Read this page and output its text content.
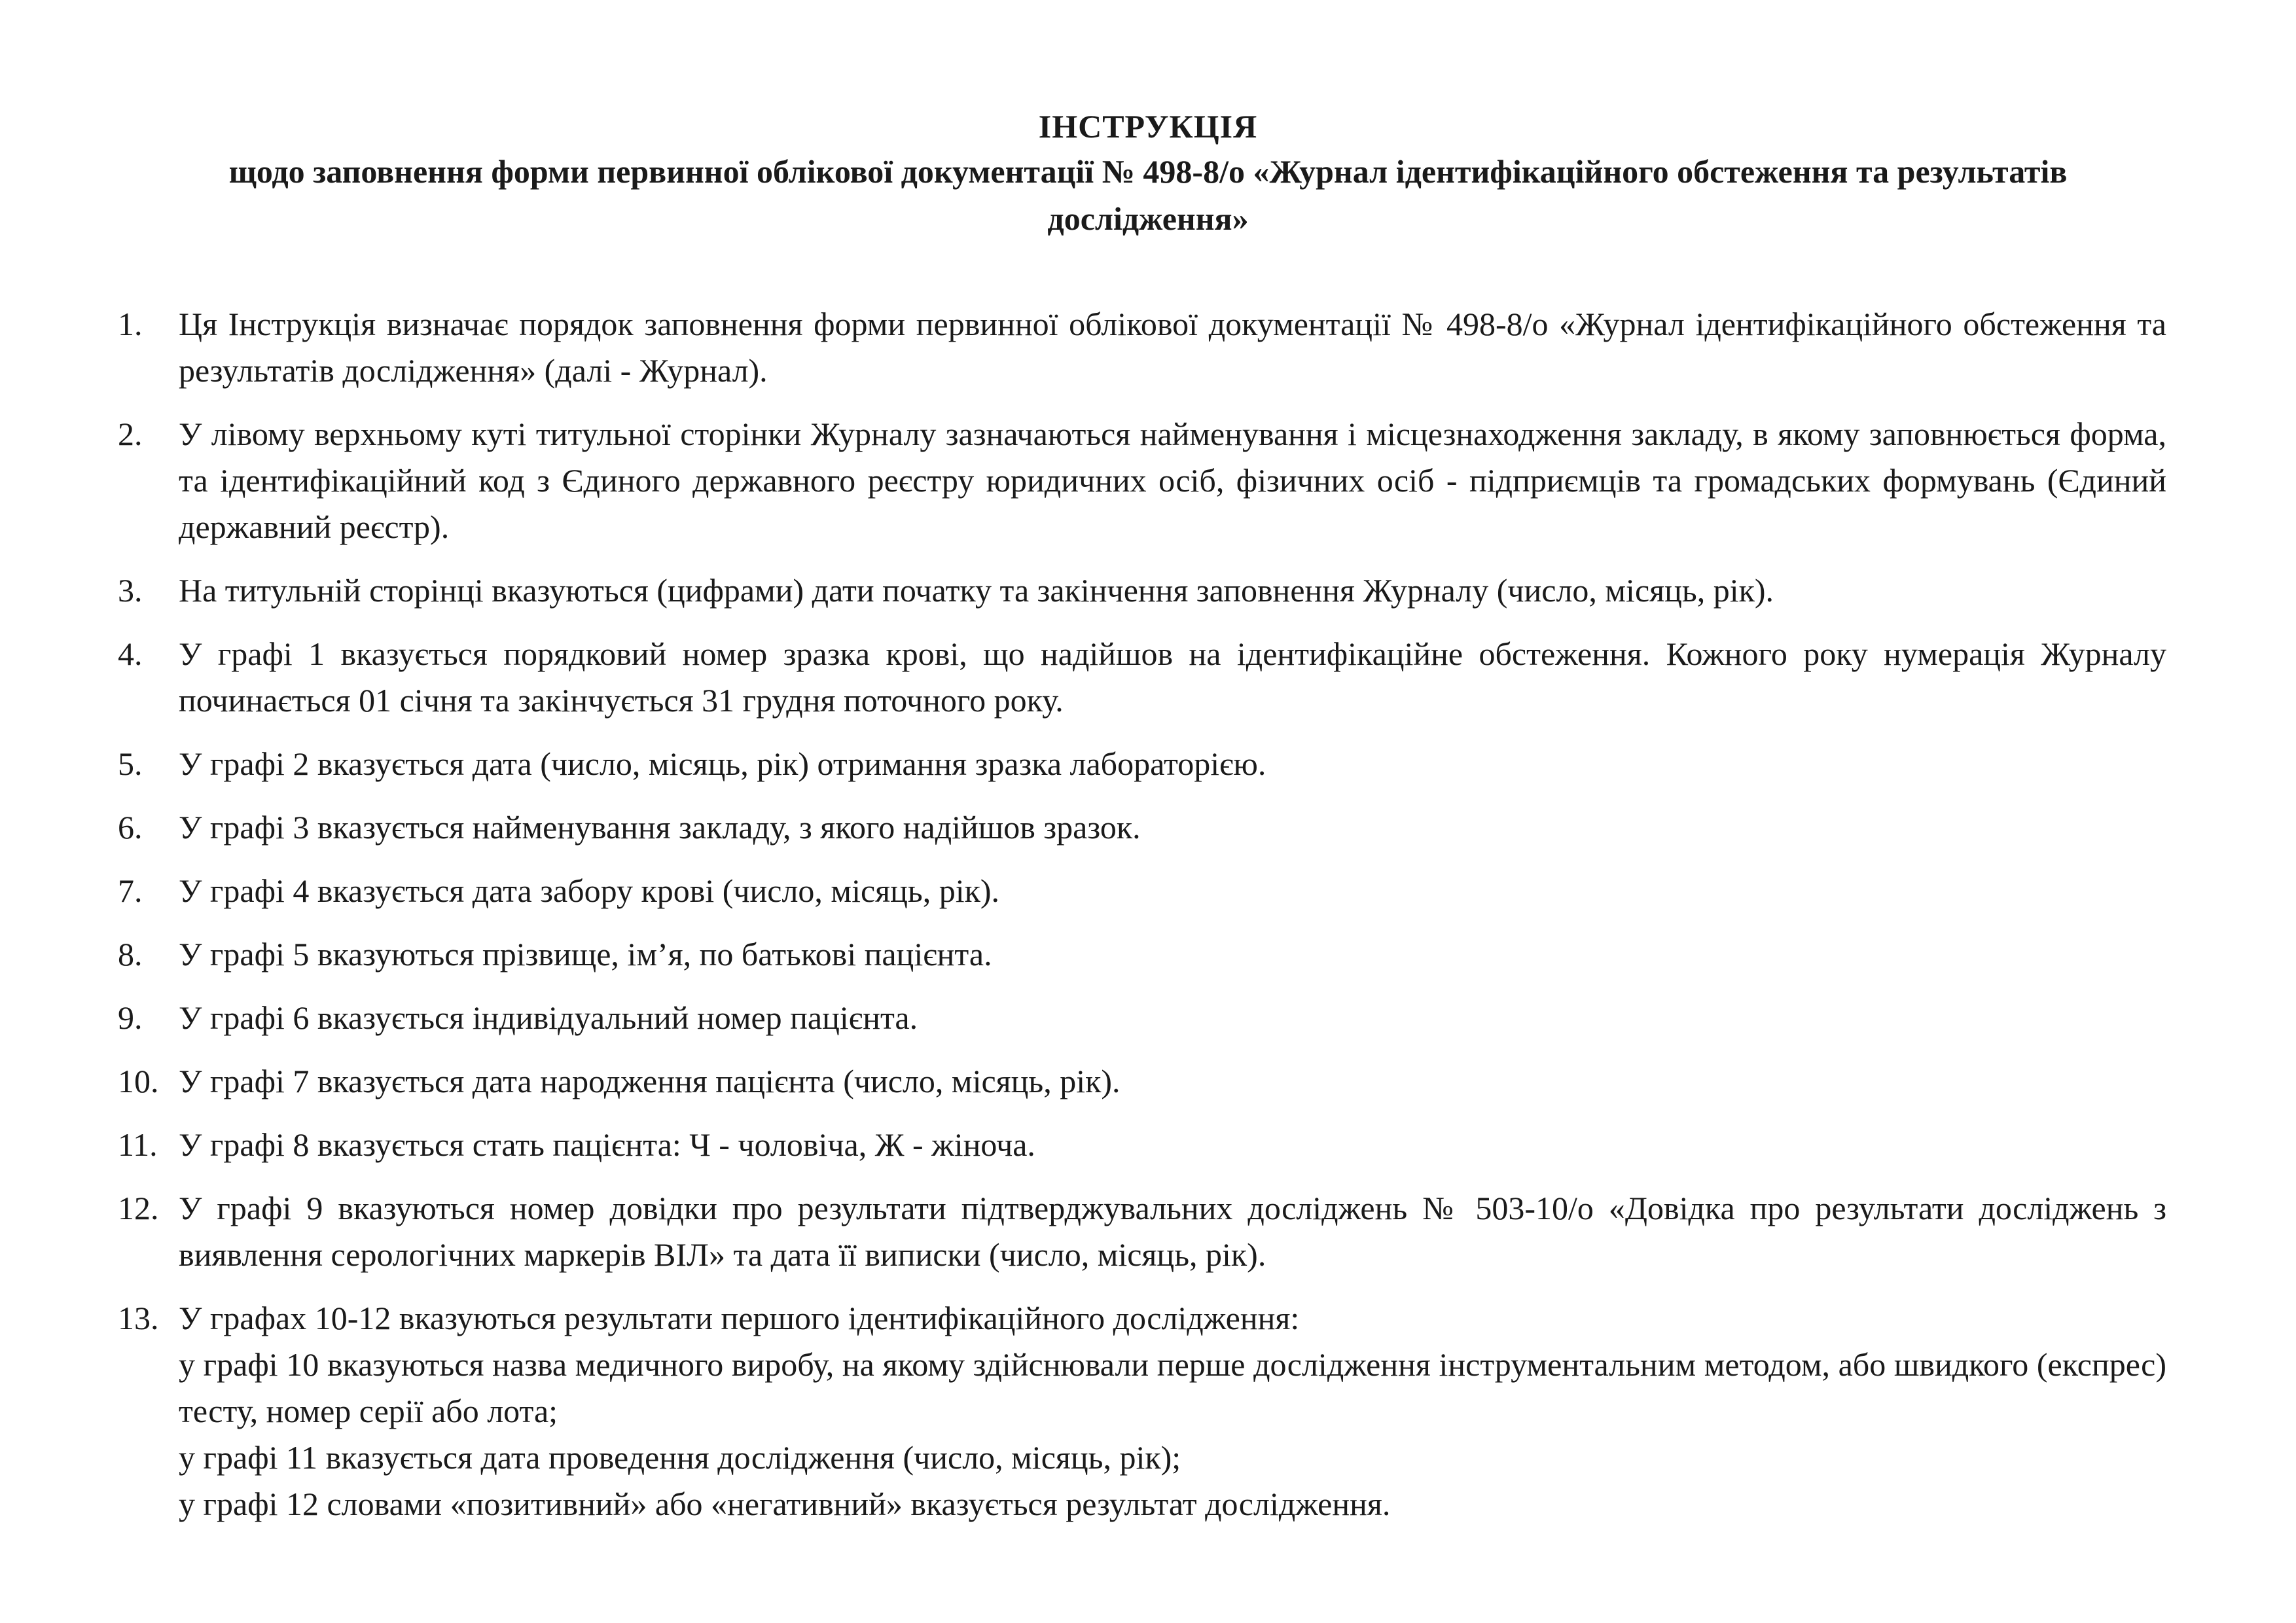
ІНСТРУКЦІЯ
щодо заповнення форми первинної облікової документації № 498-8/о «Журнал ідентифікаційного обстеження та результатів дослідження»
1.	Ця Інструкція визначає порядок заповнення форми первинної облікової документації № 498-8/о «Журнал ідентифікаційного обстеження та результатів дослідження» (далі - Журнал).
2.	У лівому верхньому куті титульної сторінки Журналу зазначаються найменування і місцезнаходження закладу, в якому заповнюється форма, та ідентифікаційний код з Єдиного державного реєстру юридичних осіб, фізичних осіб - підприємців та громадських формувань (Єдиний державний реєстр).
3.	На титульній сторінці вказуються (цифрами) дати початку та закінчення заповнення Журналу (число, місяць, рік).
4.	У графі 1 вказується порядковий номер зразка крові, що надійшов на ідентифікаційне обстеження. Кожного року нумерація Журналу починається 01 січня та закінчується 31 грудня поточного року.
5.	У графі 2 вказується дата (число, місяць, рік) отримання зразка лабораторією.
6.	У графі 3 вказується найменування закладу, з якого надійшов зразок.
7.	У графі 4 вказується дата забору крові (число, місяць, рік).
8.	У графі 5 вказуються прізвище, ім’я, по батькові пацієнта.
9.	У графі 6 вказується індивідуальний номер пацієнта.
10. У графі 7 вказується дата народження пацієнта (число, місяць, рік).
11. У графі 8 вказується стать пацієнта: Ч - чоловіча, Ж - жіноча.
12. У графі 9 вказуються номер довідки про результати підтверджувальних досліджень № 503-10/о «Довідка про результати досліджень з виявлення серологічних маркерів ВІЛ» та дата її виписки (число, місяць, рік).
13. У графах 10-12 вказуються результати першого ідентифікаційного дослідження:
у графі 10 вказуються назва медичного виробу, на якому здійснювали перше дослідження інструментальним методом, або швидкого (експрес) тесту, номер серії або лота;
у графі 11 вказується дата проведення дослідження (число, місяць, рік);
у графі 12 словами «позитивний» або «негативний» вказується результат дослідження.
